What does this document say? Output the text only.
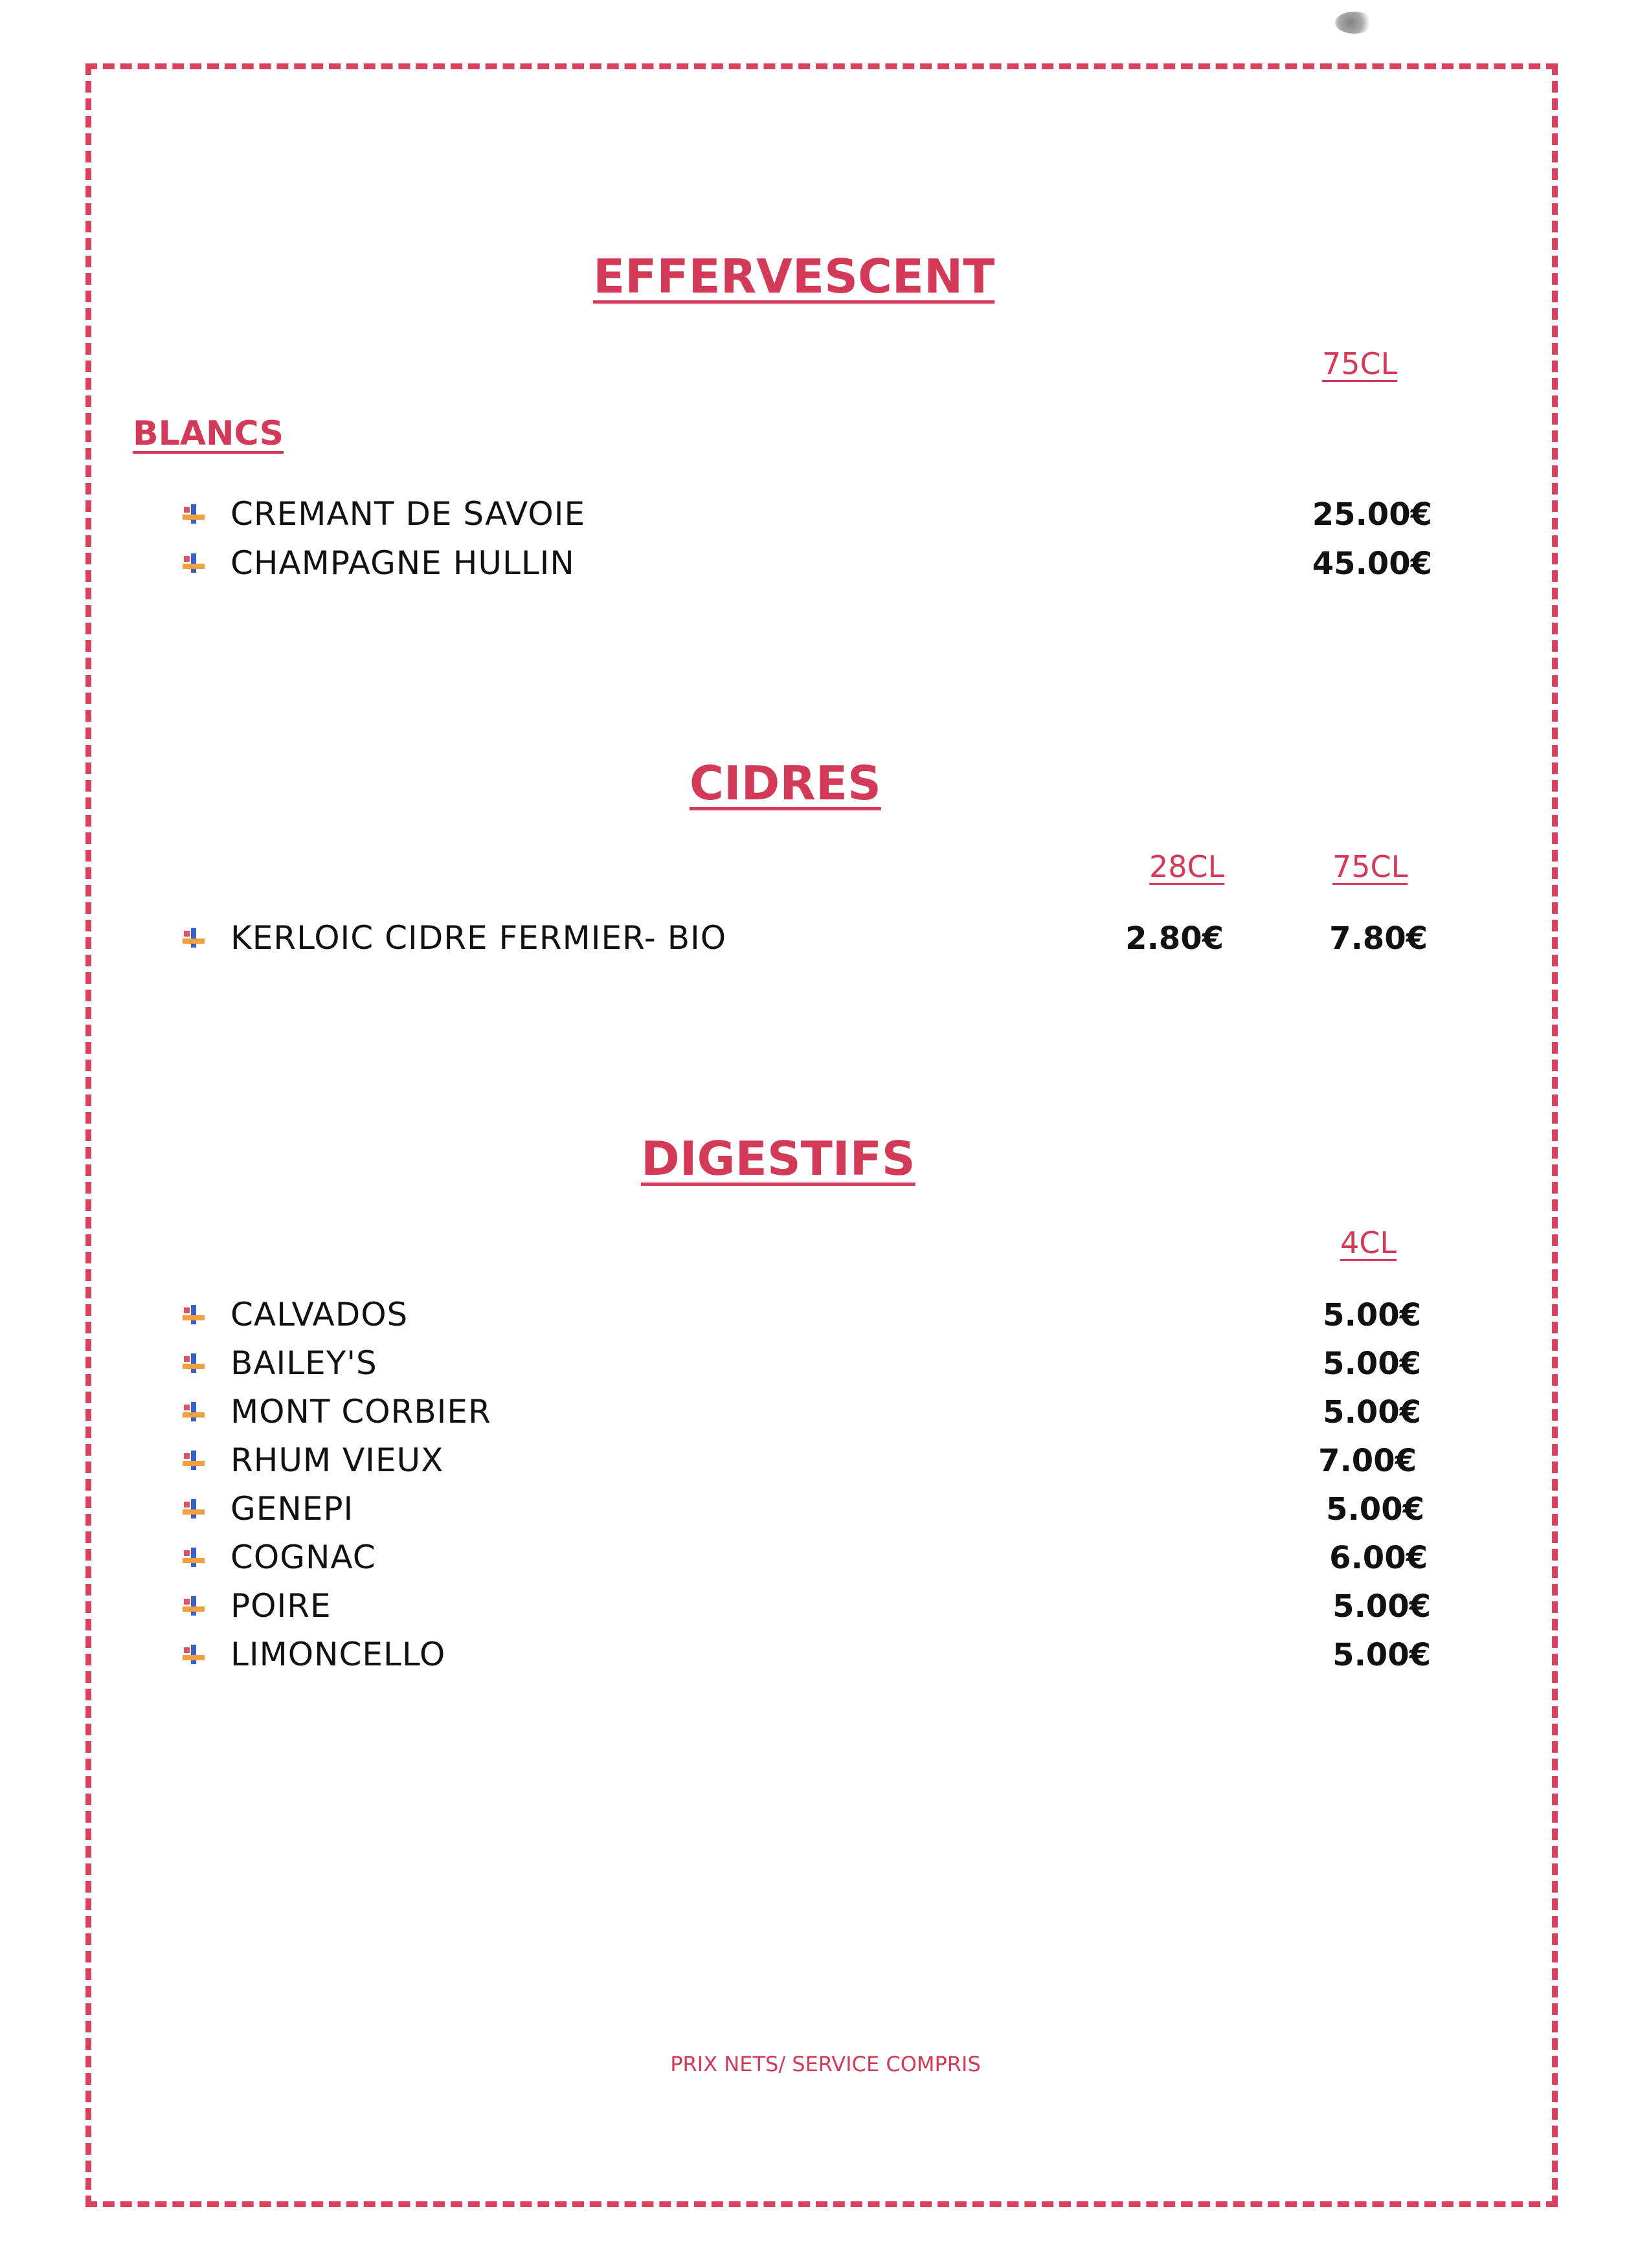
EFFERVESCENT
75CL
BLANCS
CREMANT DE SAVOIE	25.00€
CHAMPAGNE HULLIN	45.00€
CIDRES
28CL	75CL
KERLOIC CIDRE FERMIER- BIO	2.80€	7.80€
DIGESTIFS
4CL
CALVADOS	5.00€
BAILEY'S	5.00€
MONT CORBIER	5.00€
RHUM VIEUX	7.00€
GENEPI	5.00€
COGNAC	6.00€
POIRE	5.00€
LIMONCELLO	5.00€
PRIX NETS/ SERVICE COMPRIS
